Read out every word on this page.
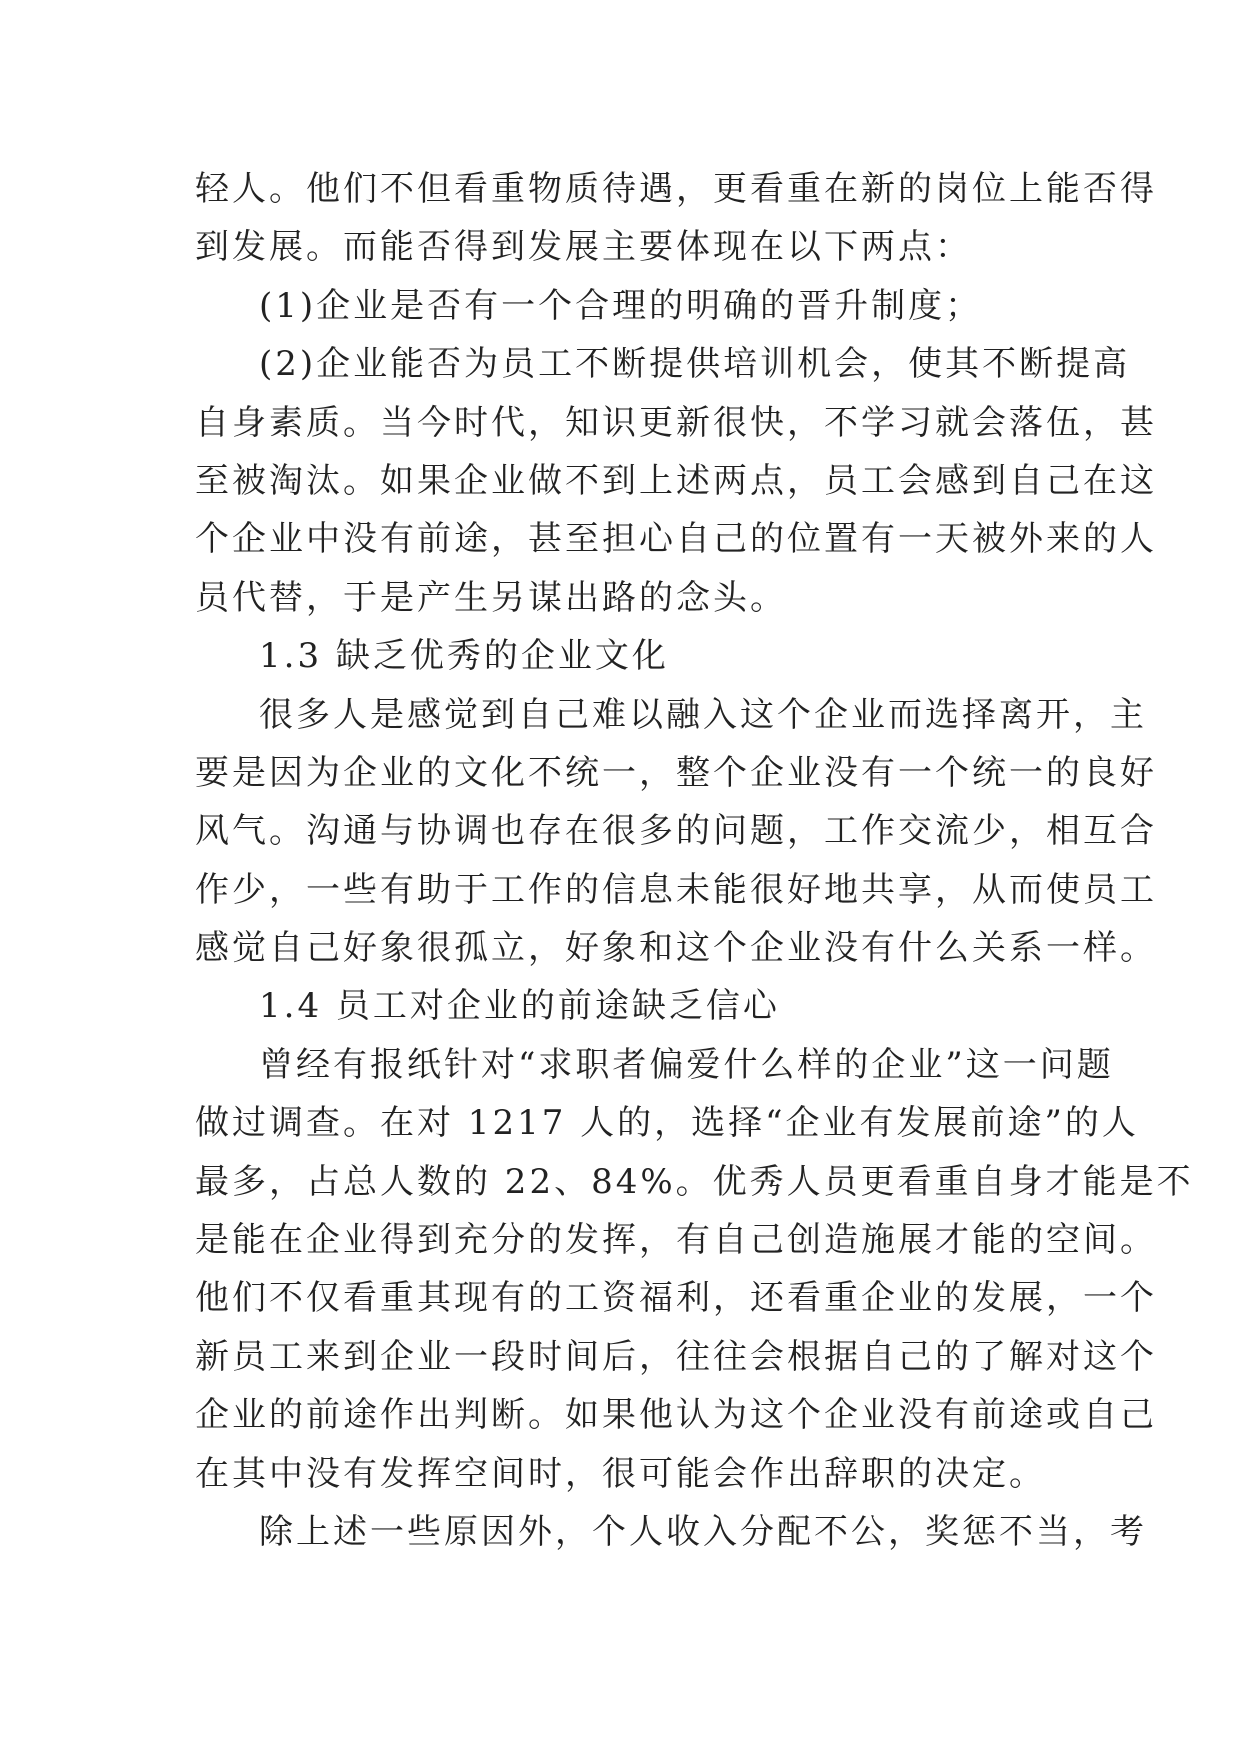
轻人。他们不但看重物质待遇，更看重在新的岗位上能否得
到发展。而能否得到发展主要体现在以下两点：
(1)企业是否有一个合理的明确的晋升制度；
(2)企业能否为员工不断提供培训机会，使其不断提高
自身素质。当今时代，知识更新很快，不学习就会落伍，甚
至被淘汰。如果企业做不到上述两点，员工会感到自己在这
个企业中没有前途，甚至担心自己的位置有一天被外来的人
员代替，于是产生另谋出路的念头。
1.3 缺乏优秀的企业文化
很多人是感觉到自己难以融入这个企业而选择离开，主
要是因为企业的文化不统一，整个企业没有一个统一的良好
风气。沟通与协调也存在很多的问题，工作交流少，相互合
作少，一些有助于工作的信息未能很好地共享，从而使员工
感觉自己好象很孤立，好象和这个企业没有什么关系一样。
1.4 员工对企业的前途缺乏信心
曾经有报纸针对“求职者偏爱什么样的企业”这一问题
做过调查。在对 1217 人的，选择“企业有发展前途”的人
最多，占总人数的 22、84%。优秀人员更看重自身才能是不
是能在企业得到充分的发挥，有自己创造施展才能的空间。
他们不仅看重其现有的工资福利，还看重企业的发展，一个
新员工来到企业一段时间后，往往会根据自己的了解对这个
企业的前途作出判断。如果他认为这个企业没有前途或自己
在其中没有发挥空间时，很可能会作出辞职的决定。
除上述一些原因外，个人收入分配不公，奖惩不当，考
